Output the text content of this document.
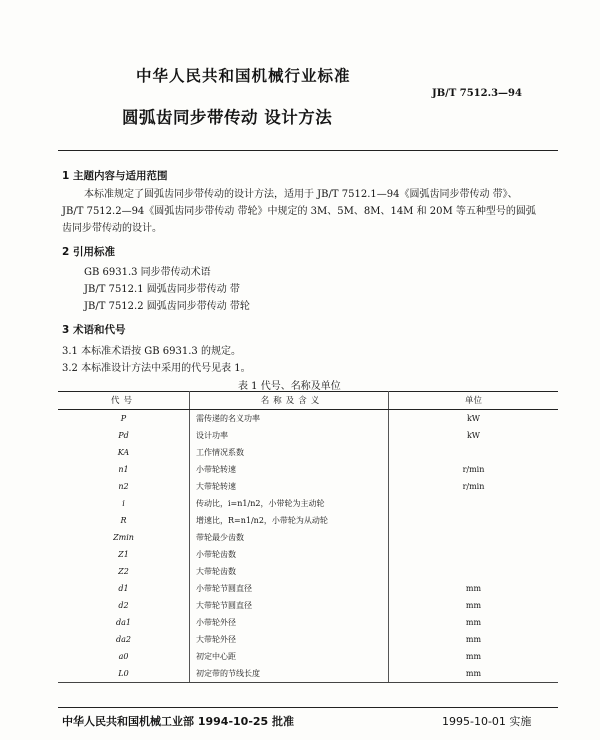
中华人民共和国机械行业标准
JB/T 7512.3—94
圆弧齿同步带传动 设计方法
1 主题内容与适用范围
本标准规定了圆弧齿同步带传动的设计方法，适用于 JB/T 7512.1—94《圆弧齿同步带传动 带》、
JB/T 7512.2—94《圆弧齿同步带传动 带轮》中规定的 3M、5M、8M、14M 和 20M 等五种型号的圆弧
齿同步带传动的设计。
2 引用标准
GB 6931.3 同步带传动术语
JB/T 7512.1 圆弧齿同步带传动 带
JB/T 7512.2 圆弧齿同步带传动 带轮
3 术语和代号
3.1 本标准术语按 GB 6931.3 的规定。
3.2 本标准设计方法中采用的代号见表 1。
表 1 代号、名称及单位
代号	名称及含义	单位
P	需传递的名义功率	kW
Pd	设计功率	kW
KA	工作情况系数	
n1	小带轮转速	r/min
n2	大带轮转速	r/min
i	传动比，i=n1/n2，小带轮为主动轮	
R	增速比，R=n1/n2，小带轮为从动轮	
Zmin	带轮最少齿数	
Z1	小带轮齿数	
Z2	大带轮齿数	
d1	小带轮节圆直径	mm
d2	大带轮节圆直径	mm
da1	小带轮外径	mm
da2	大带轮外径	mm
a0	初定中心距	mm
L0	初定带的节线长度	mm
中华人民共和国机械工业部 1994-10-25 批准	1995-10-01 实施
